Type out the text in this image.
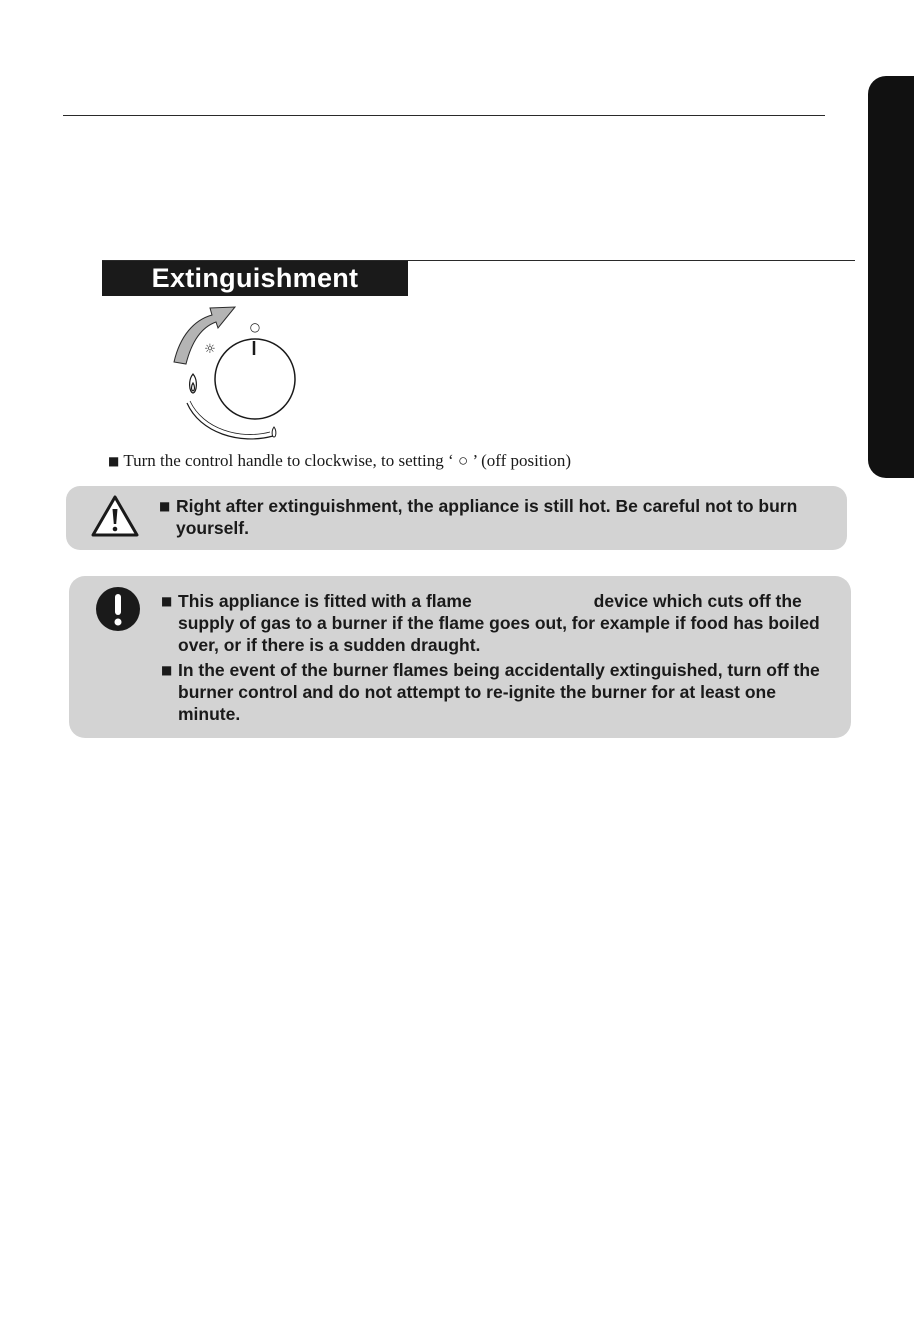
Extinguishment
○
☼
■ Turn the control handle to clockwise, to setting ‘ ○ ’ (off position)

■ Right after extinguishment, the appliance is still hot. Be careful not to burn yourself.

■ This appliance is fitted with a flame	device which cuts off the supply of gas to a burner if the flame goes out, for example if food has boiled over, or if there is a sudden draught.

■ In the event of the burner flames being accidentally extinguished, turn off the burner control and do not attempt to re-ignite the burner for at least one minute.
